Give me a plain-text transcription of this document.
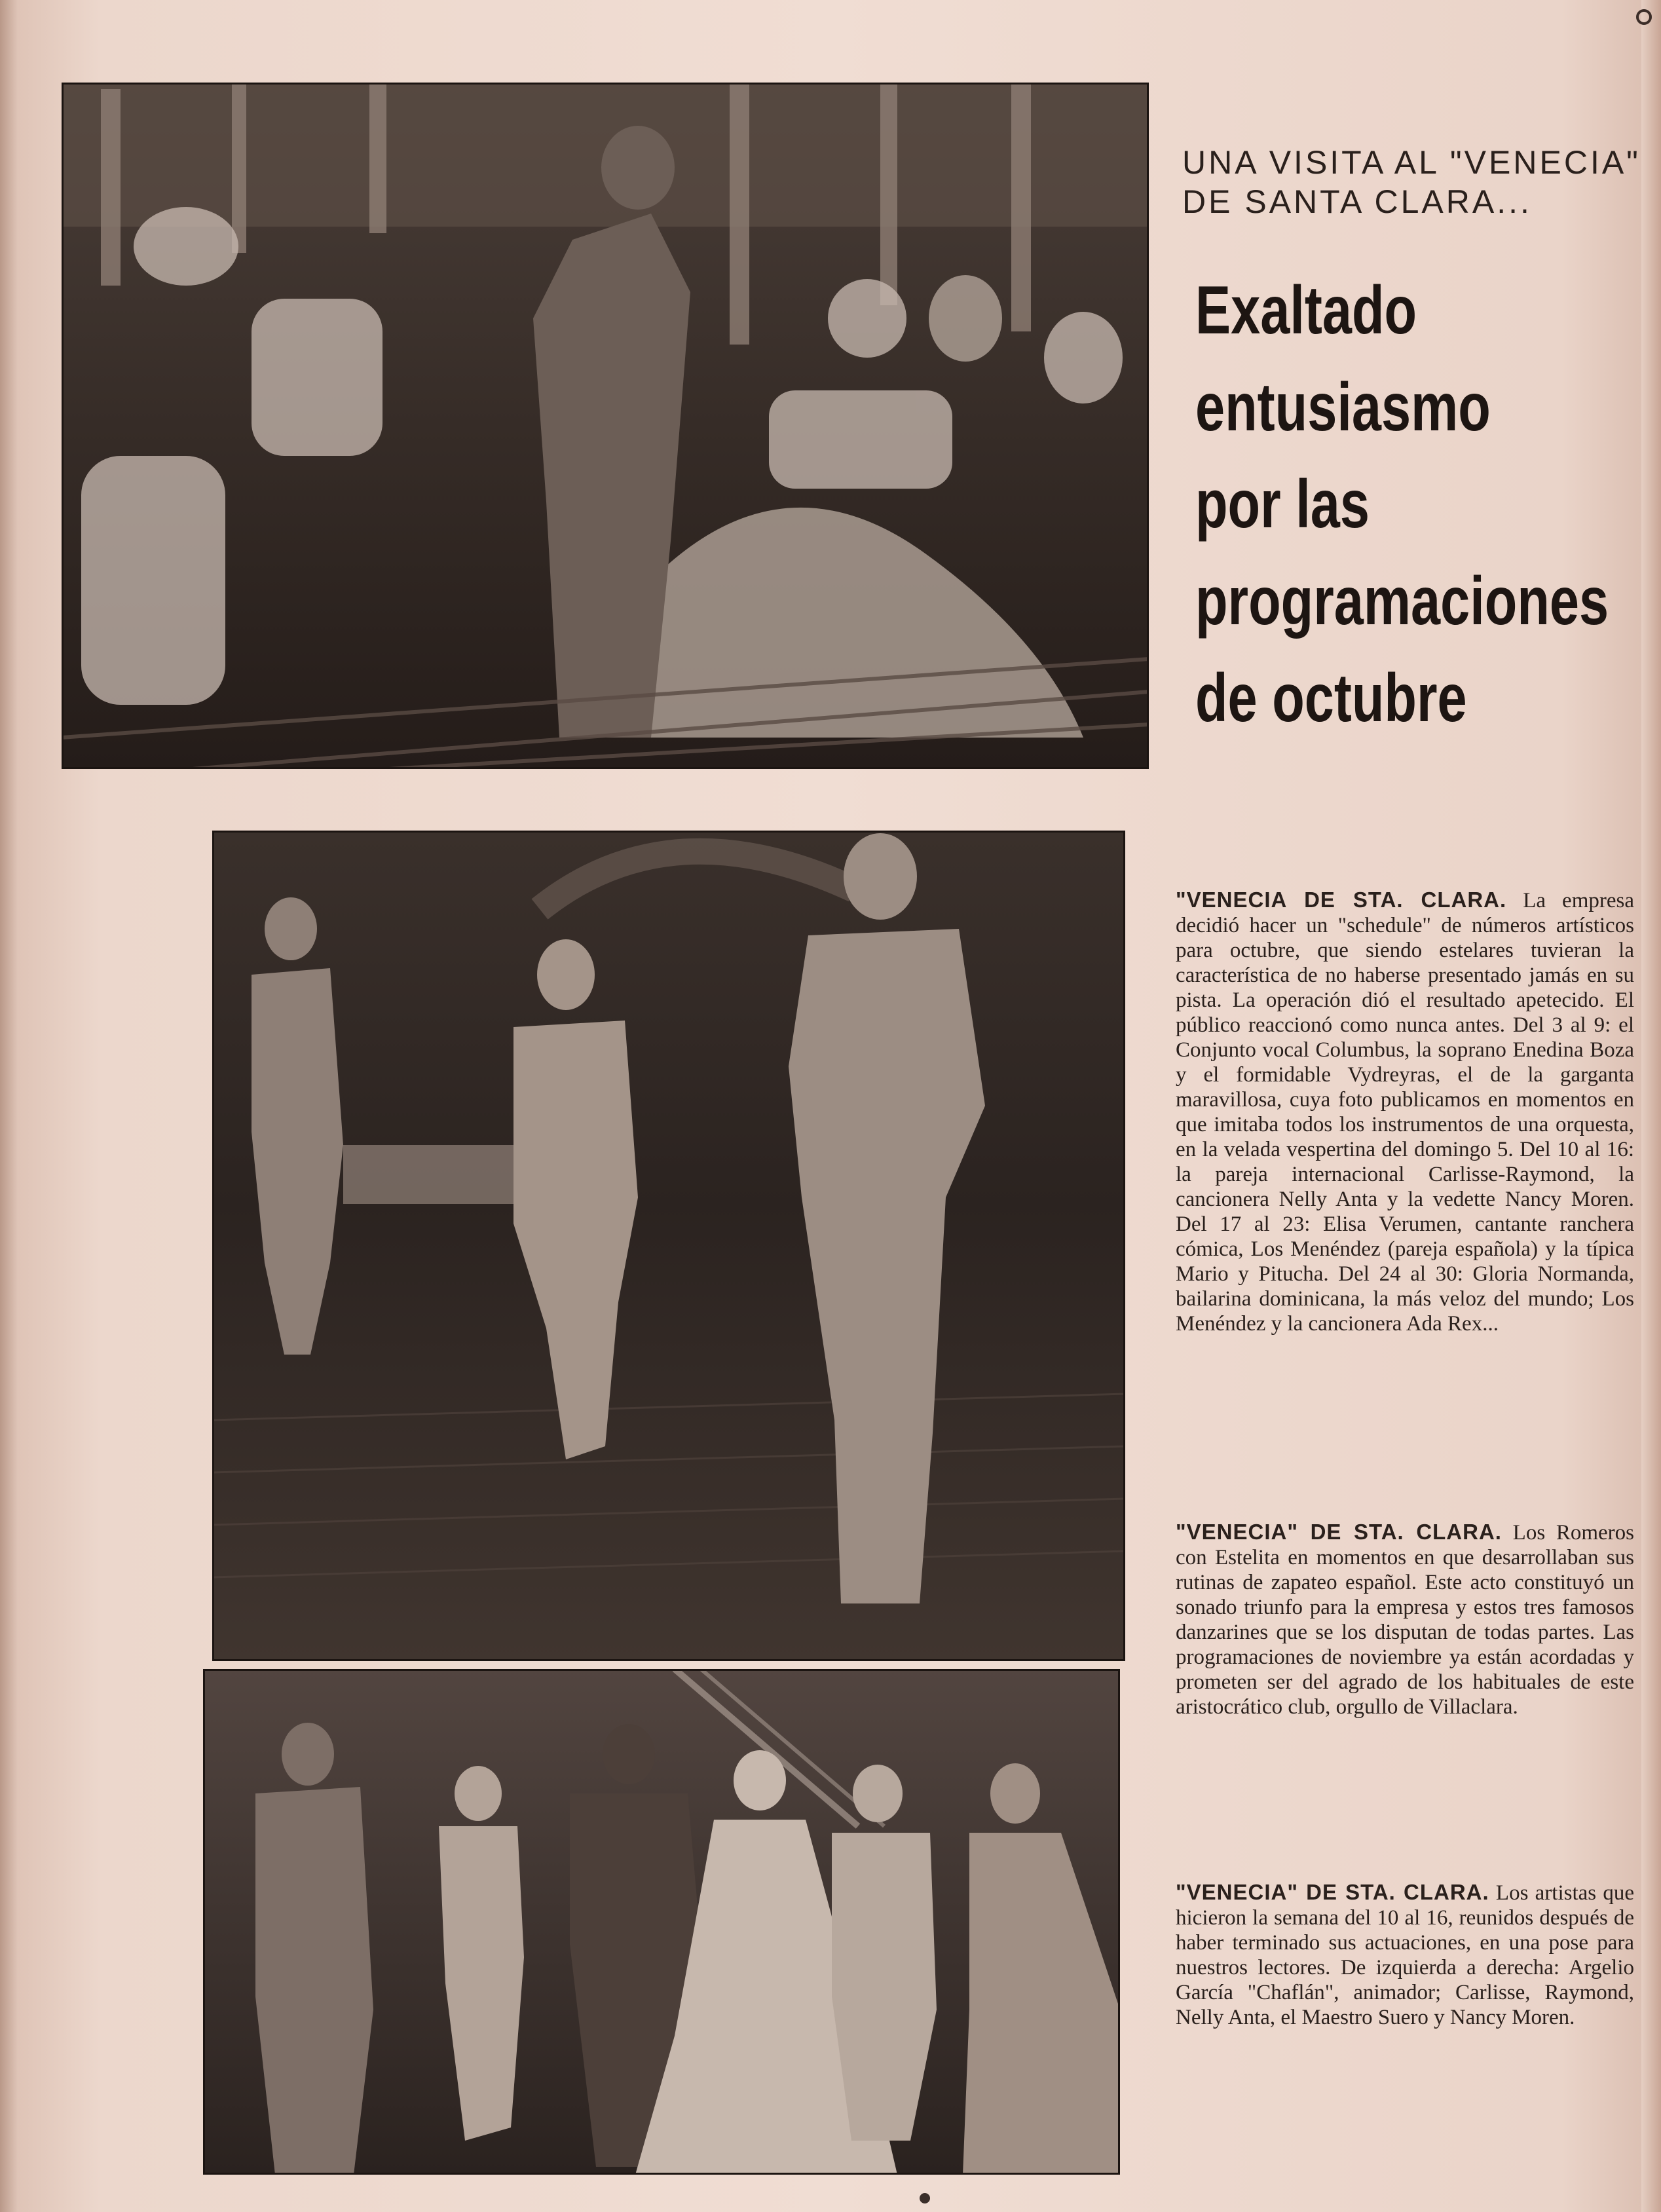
UNA VISITA AL "VENECIA"
DE SANTA CLARA...
Exaltado
entusiasmo
por las
programaciones
de octubre

"VENECIA DE STA. CLARA. La empresa decidió hacer un "schedule" de números artísticos para octubre, que siendo estelares tuvieran la característica de no haberse presentado jamás en su pista. La operación dió el resultado apetecido. El público reaccionó como nunca antes. Del 3 al 9: el Conjunto vocal Columbus, la soprano Enedina Boza y el formidable Vydreyras, el de la garganta maravillosa, cuya foto publicamos en momentos en que imitaba todos los instrumentos de una orquesta, en la velada vespertina del domingo 5. Del 10 al 16: la pareja internacional Carlisse-Raymond, la cancionera Nelly Anta y la vedette Nancy Moren. Del 17 al 23: Elisa Verumen, cantante ranchera cómica, Los Menéndez (pareja española) y la típica Mario y Pitucha. Del 24 al 30: Gloria Normanda, bailarina dominicana, la más veloz del mundo; Los Menéndez y la cancionera Ada Rex...

"VENECIA" DE STA. CLARA. Los Romeros con Estelita en momentos en que desarrollaban sus rutinas de zapateo español. Este acto constituyó un sonado triunfo para la empresa y estos tres famosos danzarines que se los disputan de todas partes. Las programaciones de noviembre ya están acordadas y prometen ser del agrado de los habituales de este aristocrático club, orgullo de Villaclara.

"VENECIA" DE STA. CLARA. Los artistas que hicieron la semana del 10 al 16, reunidos después de haber terminado sus actuaciones, en una pose para nuestros lectores. De izquierda a derecha: Argelio García "Chaflán", animador; Carlisse, Raymond, Nelly Anta, el Maestro Suero y Nancy Moren.
